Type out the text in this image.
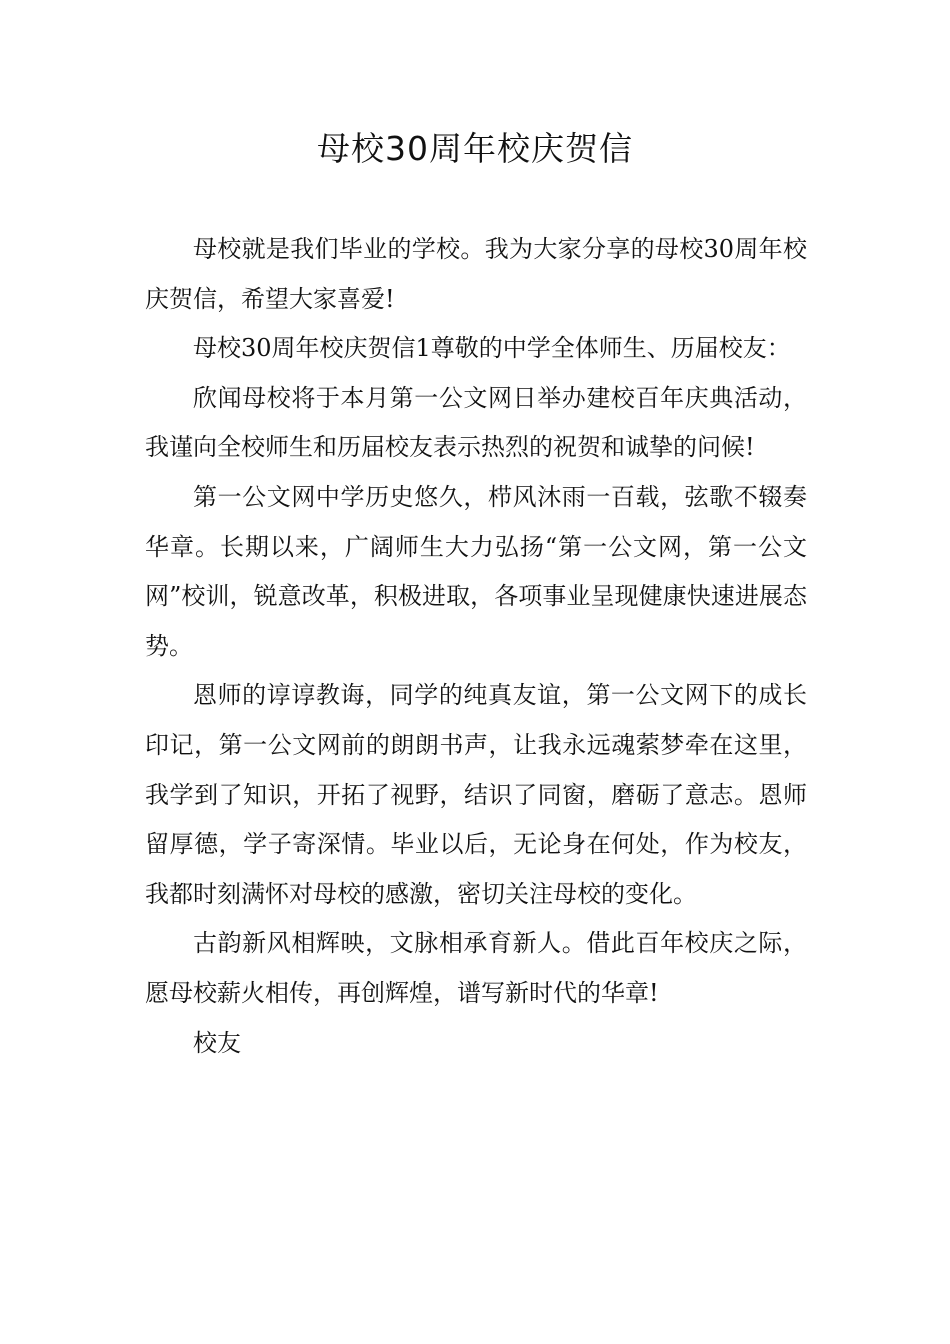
母校30周年校庆贺信

母校就是我们毕业的学校。我为大家分享的母校30周年校庆贺信，希望大家喜爱!

母校30周年校庆贺信1尊敬的中学全体师生、历届校友：

欣闻母校将于本月第一公文网日举办建校百年庆典活动，我谨向全校师生和历届校友表示热烈的祝贺和诚挚的问候!

第一公文网中学历史悠久，栉风沐雨一百载，弦歌不辍奏华章。长期以来，广阔师生大力弘扬“第一公文网，第一公文网”校训，锐意改革，积极进取，各项事业呈现健康快速进展态势。

恩师的谆谆教诲，同学的纯真友谊，第一公文网下的成长印记，第一公文网前的朗朗书声，让我永远魂萦梦牵在这里，我学到了知识，开拓了视野，结识了同窗，磨砺了意志。恩师留厚德，学子寄深情。毕业以后，无论身在何处，作为校友，我都时刻满怀对母校的感激，密切关注母校的变化。

古韵新风相辉映，文脉相承育新人。借此百年校庆之际，愿母校薪火相传，再创辉煌，谱写新时代的华章!

校友
